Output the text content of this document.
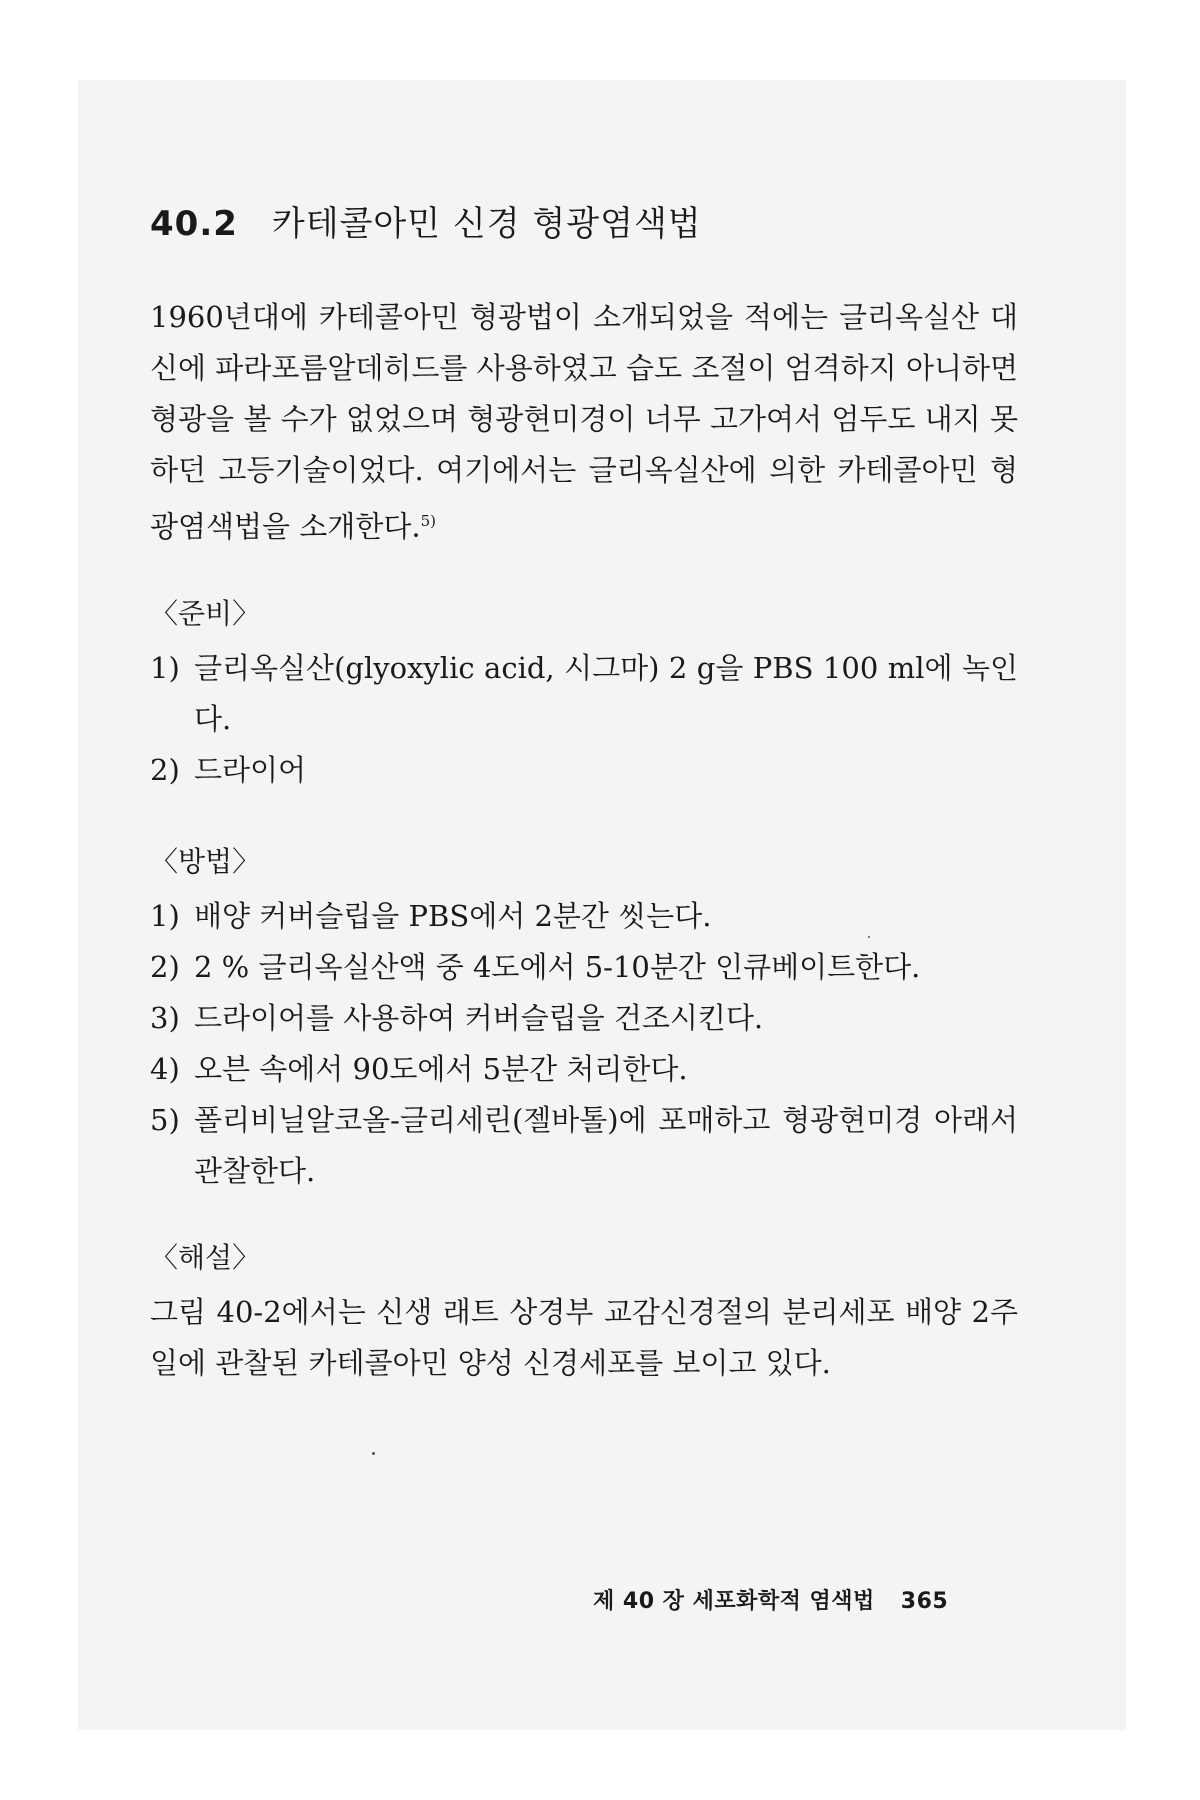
40.2 카테콜아민 신경 형광염색법

1960년대에 카테콜아민 형광법이 소개되었을 적에는 글리옥실산 대신에 파라포름알데히드를 사용하였고 습도 조절이 엄격하지 아니하면 형광을 볼 수가 없었으며 형광현미경이 너무 고가여서 엄두도 내지 못하던 고등기술이었다. 여기에서는 글리옥실산에 의한 카테콜아민 형광염색법을 소개한다.$^{5)}$

〈준비〉
1) 글리옥실산(glyoxylic acid, 시그마) 2 g을 PBS 100 ml에 녹인다.
2) 드라이어
〈방법〉
1) 배양 커버슬립을 PBS에서 2분간 씻는다.
2) 2 % 글리옥실산액 중 4도에서 5-10분간 인큐베이트한다.
3) 드라이어를 사용하여 커버슬립을 건조시킨다.
4) 오븐 속에서 90도에서 5분간 처리한다.
5) 폴리비닐알코올-글리세린(젤바톨)에 포매하고 형광현미경 아래서 관찰한다.
〈해설〉

그림 40-2에서는 신생 래트 상경부 교감신경절의 분리세포 배양 2주일에 관찰된 카테콜아민 양성 신경세포를 보이고 있다.

제 40 장 세포화학적 염색법 365
